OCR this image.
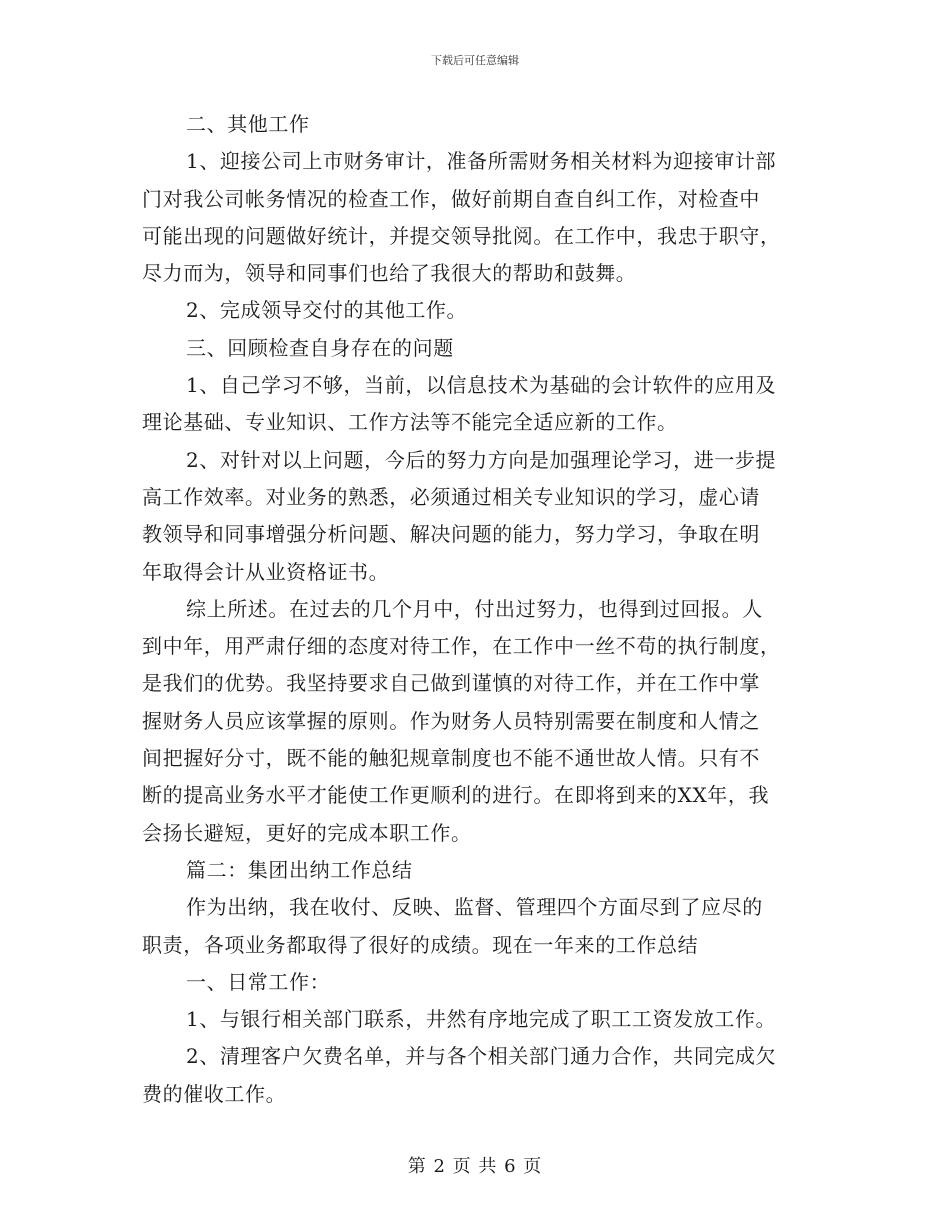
下载后可任意编辑
二、其他工作
1、迎接公司上市财务审计，准备所需财务相关材料为迎接审计部
门对我公司帐务情况的检查工作，做好前期自查自纠工作，对检查中
可能出现的问题做好统计，并提交领导批阅。在工作中，我忠于职守，
尽力而为，领导和同事们也给了我很大的帮助和鼓舞。
2、完成领导交付的其他工作。
三、回顾检查自身存在的问题
1、自己学习不够，当前，以信息技术为基础的会计软件的应用及
理论基础、专业知识、工作方法等不能完全适应新的工作。
2、对针对以上问题，今后的努力方向是加强理论学习，进一步提
高工作效率。对业务的熟悉，必须通过相关专业知识的学习，虚心请
教领导和同事增强分析问题、解决问题的能力，努力学习，争取在明
年取得会计从业资格证书。
综上所述。在过去的几个月中，付出过努力，也得到过回报。人
到中年，用严肃仔细的态度对待工作，在工作中一丝不苟的执行制度，
是我们的优势。我坚持要求自己做到谨慎的对待工作，并在工作中掌
握财务人员应该掌握的原则。作为财务人员特别需要在制度和人情之
间把握好分寸，既不能的触犯规章制度也不能不通世故人情。只有不
断的提高业务水平才能使工作更顺利的进行。在即将到来的XX年，我
会扬长避短，更好的完成本职工作。
篇二：集团出纳工作总结
作为出纳，我在收付、反映、监督、管理四个方面尽到了应尽的
职责，各项业务都取得了很好的成绩。现在一年来的工作总结
一、日常工作：
1、与银行相关部门联系，井然有序地完成了职工工资发放工作。
2、清理客户欠费名单，并与各个相关部门通力合作，共同完成欠
费的催收工作。
第 2 页 共 6 页
